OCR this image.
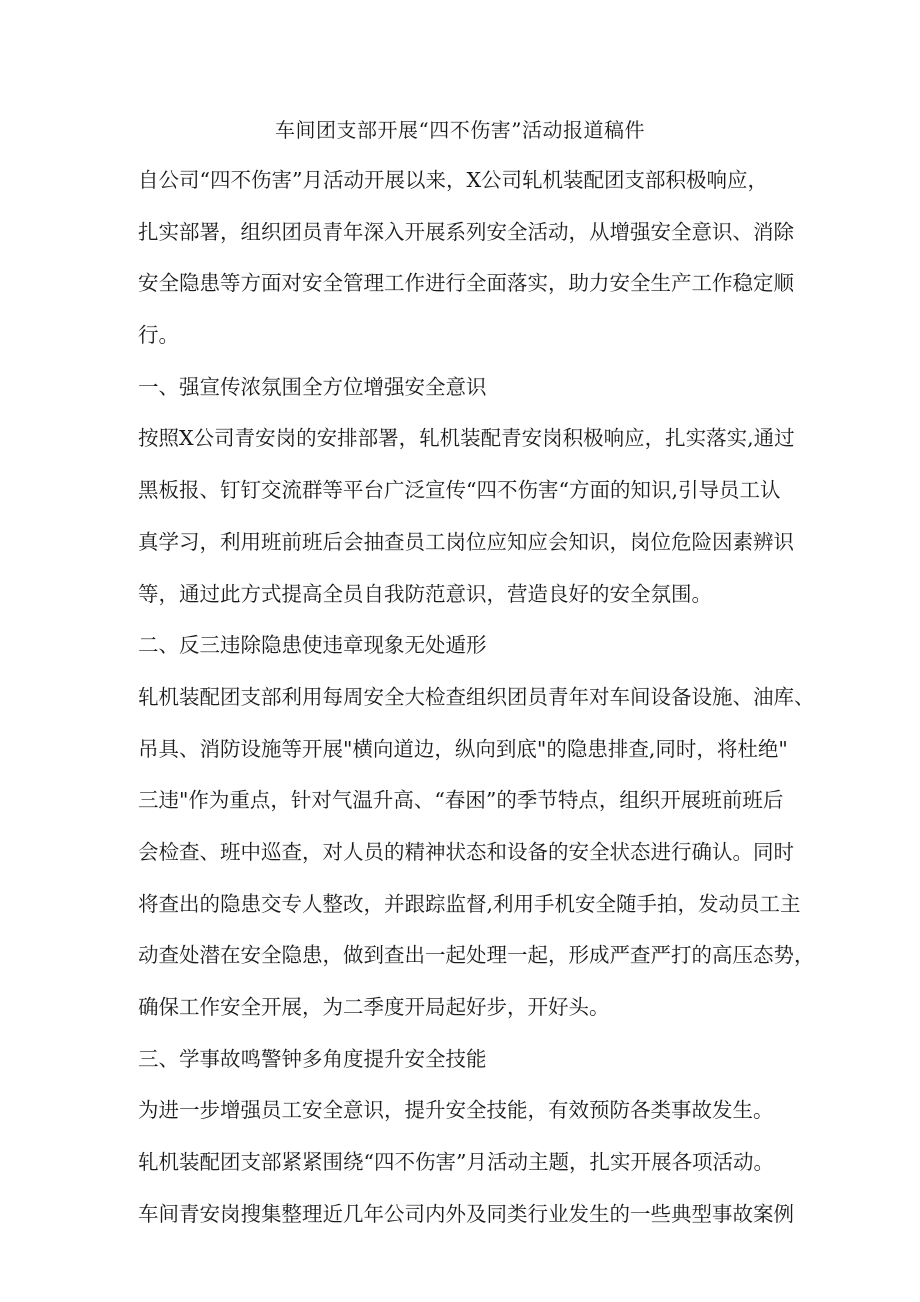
车间团支部开展“四不伤害”活动报道稿件
自公司“四不伤害”月活动开展以来，X公司轧机装配团支部积极响应，
扎实部署，组织团员青年深入开展系列安全活动，从增强安全意识、消除
安全隐患等方面对安全管理工作进行全面落实，助力安全生产工作稳定顺
行。
一、强宣传浓氛围全方位增强安全意识
按照X公司青安岗的安排部署，轧机装配青安岗积极响应，扎实落实,通过
黑板报、钉钉交流群等平台广泛宣传“四不伤害“方面的知识,引导员工认
真学习，利用班前班后会抽查员工岗位应知应会知识，岗位危险因素辨识
等，通过此方式提高全员自我防范意识，营造良好的安全氛围。
二、反三违除隐患使违章现象无处遁形
轧机装配团支部利用每周安全大检查组织团员青年对车间设备设施、油库、
吊具、消防设施等开展"横向道边，纵向到底"的隐患排查,同时，将杜绝"
三违"作为重点，针对气温升高、“春困”的季节特点，组织开展班前班后
会检查、班中巡查，对人员的精神状态和设备的安全状态进行确认。同时
将查出的隐患交专人整改，并跟踪监督,利用手机安全随手拍，发动员工主
动查处潜在安全隐患，做到查出一起处理一起，形成严查严打的高压态势，
确保工作安全开展，为二季度开局起好步，开好头。
三、学事故鸣警钟多角度提升安全技能
为进一步增强员工安全意识，提升安全技能，有效预防各类事故发生。
轧机装配团支部紧紧围绕“四不伤害”月活动主题，扎实开展各项活动。
车间青安岗搜集整理近几年公司内外及同类行业发生的一些典型事故案例
